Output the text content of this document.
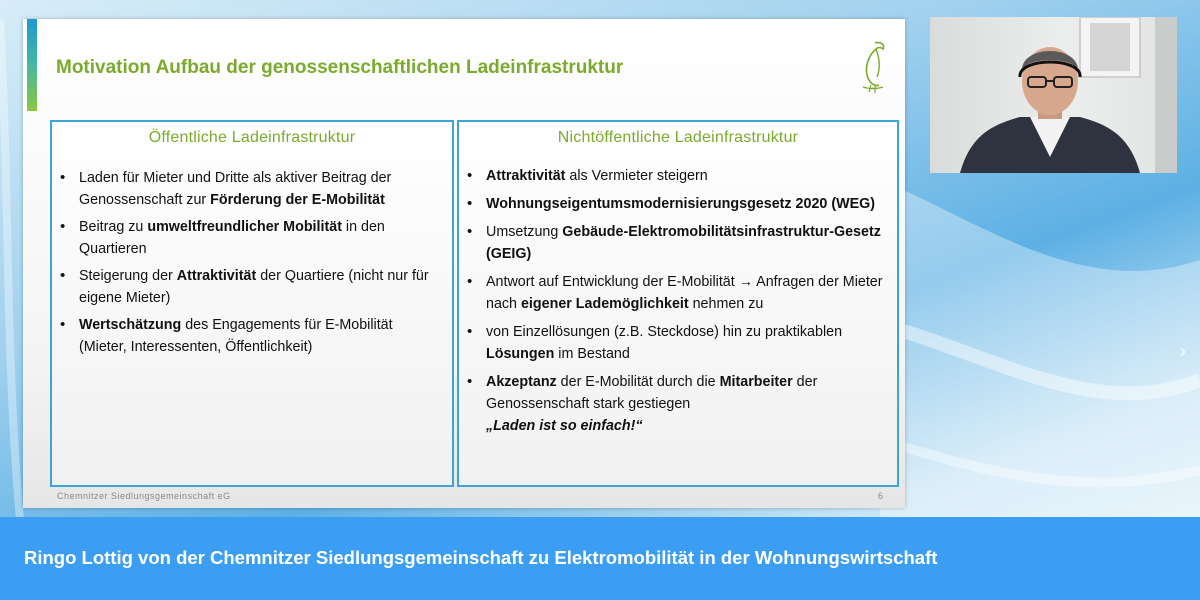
Motivation Aufbau der genossenschaftlichen Ladeinfrastruktur
Öffentliche Ladeinfrastruktur
• Laden für Mieter und Dritte als aktiver Beitrag der Genossenschaft zur Förderung der E-Mobilität
• Beitrag zu umweltfreundlicher Mobilität in den Quartieren
• Steigerung der Attraktivität der Quartiere (nicht nur für eigene Mieter)
• Wertschätzung des Engagements für E-Mobilität (Mieter, Interessenten, Öffentlichkeit)
Nichtöffentliche Ladeinfrastruktur
• Attraktivität als Vermieter steigern
• Wohnungseigentumsmodernisierungsgesetz 2020 (WEG)
• Umsetzung Gebäude-Elektromobilitätsinfrastruktur-Gesetz (GEIG)
• Antwort auf Entwicklung der E-Mobilität → Anfragen der Mieter nach eigener Lademöglichkeit nehmen zu
• von Einzellösungen (z.B. Steckdose) hin zu praktikablen Lösungen im Bestand
• Akzeptanz der E-Mobilität durch die Mitarbeiter der Genossenschaft stark gestiegen
„Laden ist so einfach!“
Chemnitzer Siedlungsgemeinschaft eG	6
›
Ringo Lottig von der Chemnitzer Siedlungsgemeinschaft zu Elektromobilität in der Wohnungswirtschaft
